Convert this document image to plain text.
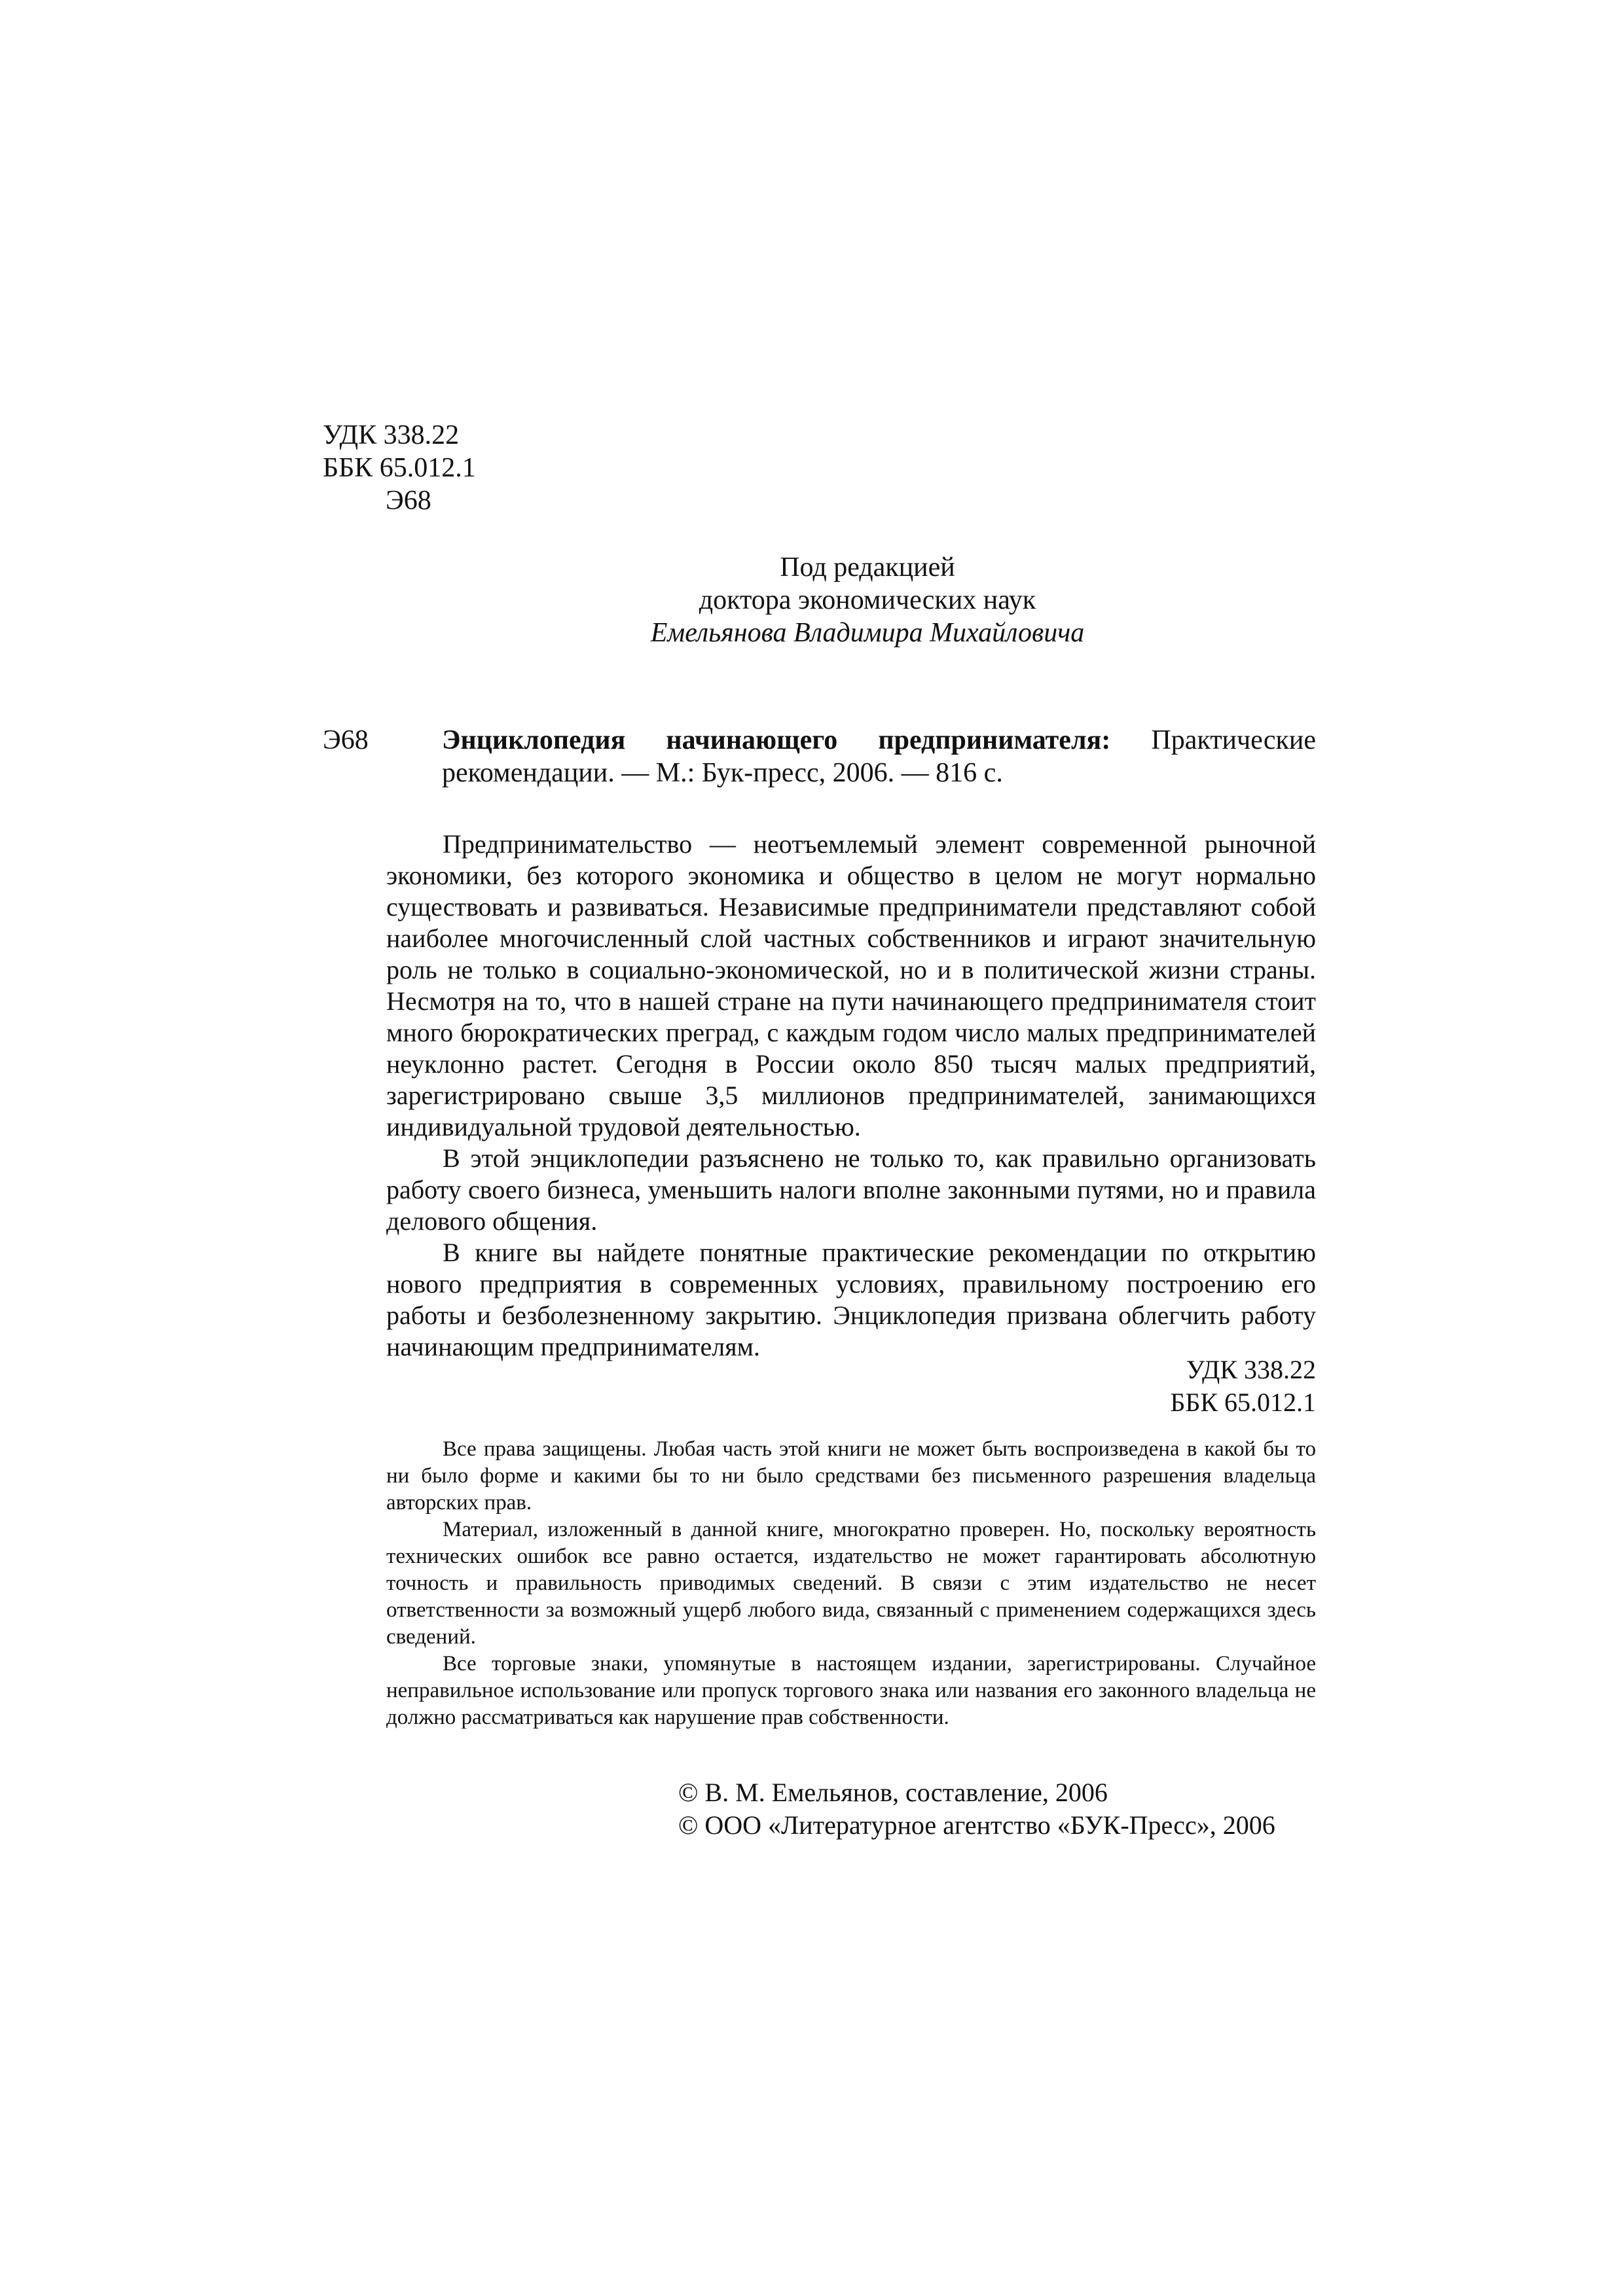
УДК 338.22
ББК 65.012.1
Э68
Под редакцией
доктора экономических наук
Емельянова Владимира Михайловича
Э68	Энциклопедия начинающего предпринимателя: Практические рекомендации. — М.: Бук-пресс, 2006. — 816 с.

Предпринимательство — неотъемлемый элемент современной рыночной экономики, без которого экономика и общество в целом не могут нормально существовать и развиваться. Независимые предприниматели представляют собой наиболее многочисленный слой частных собственников и играют значительную роль не только в социально-экономической, но и в политической жизни страны. Несмотря на то, что в нашей стране на пути начинающего предпринимателя стоит много бюрократических преград, с каждым годом число малых предпринимателей неуклонно растет. Сегодня в России около 850 тысяч малых предприятий, зарегистрировано свыше 3,5 миллионов предпринимателей, занимающихся индивидуальной трудовой деятельностью.

В этой энциклопедии разъяснено не только то, как правильно организовать работу своего бизнеса, уменьшить налоги вполне законными путями, но и правила делового общения.

В книге вы найдете понятные практические рекомендации по открытию нового предприятия в современных условиях, правильному построению его работы и безболезненному закрытию. Энциклопедия призвана облегчить работу начинающим предпринимателям.

УДК 338.22
ББК 65.012.1

Все права защищены. Любая часть этой книги не может быть воспроизведена в какой бы то ни было форме и какими бы то ни было средствами без письменного разрешения владельца авторских прав.

Материал, изложенный в данной книге, многократно проверен. Но, поскольку вероятность технических ошибок все равно остается, издательство не может гарантировать абсолютную точность и правильность приводимых сведений. В связи с этим издательство не несет ответственности за возможный ущерб любого вида, связанный с применением содержащихся здесь сведений.

Все торговые знаки, упомянутые в настоящем издании, зарегистрированы. Случайное неправильное использование или пропуск торгового знака или названия его законного владельца не должно рассматриваться как нарушение прав собственности.

© В. М. Емельянов, составление, 2006
© ООО «Литературное агентство «БУК-Пресс», 2006
